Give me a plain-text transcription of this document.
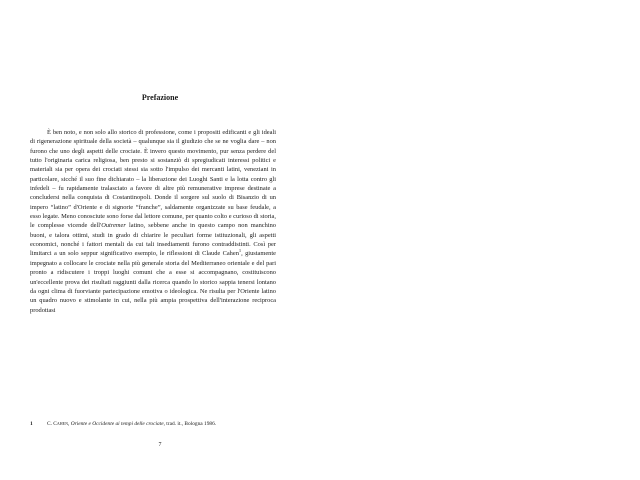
Prefazione

È ben noto, e non solo allo storico di professione, come i propositi edificanti e gli ideali di rigenerazione spirituale della società – qualunque sia il giudizio che se ne voglia dare – non furono che uno degli aspetti delle crociate. È invero questo movimento, pur senza perdere del tutto l'originaria carica religiosa, ben presto si sostanziò di spregiudicati interessi politici e materiali sia per opera dei crociati stessi sia sotto l'impulso dei mercanti latini, veneziani in particolare, sicché il suo fine dichiarato – la liberazione dei Luoghi Santi e la lotta contro gli infedeli – fu rapidamente tralasciato a favore di altre più remunerative imprese destinate a concludersi nella conquista di Costantinopoli. Donde il sorgere sul suolo di Bisanzio di un impero “latino” d'Oriente e di signorie “franche”, saldamente organizzate su base feudale, a esso legate. Meno conosciute sono forse dal lettore comune, per quanto colto e curioso di storia, le complesse vicende dell'Outremer latino, sebbene anche in questo campo non manchino buoni, e talora ottimi, studi in grado di chiarire le peculiari forme istituzionali, gli aspetti economici, nonché i fattori mentali da cui tali insediamenti furono contraddistinti. Così per limitarci a un solo seppur significativo esempio, le riflessioni di Claude Cahen$^1$, giustamente impegnato a collocare le crociate nella più generale storia del Mediterraneo orientale e del pari pronto a ridiscutere i troppi luoghi comuni che a esse si accompagnano, costituiscono un'eccellente prova dei risultati raggiunti dalla ricerca quando lo storico sappia tenersi lontano da ogni clima di fuorviante partecipazione emotiva o ideologica. Ne risulta per l'Oriente latino un quadro nuovo e stimolante in cui, nella più ampia prospettiva dell'interazione reciproca prodottasi

1	C. Cahen, Oriente e Occidente ai tempi delle crociate, trad. it., Bologna 1986.
7
